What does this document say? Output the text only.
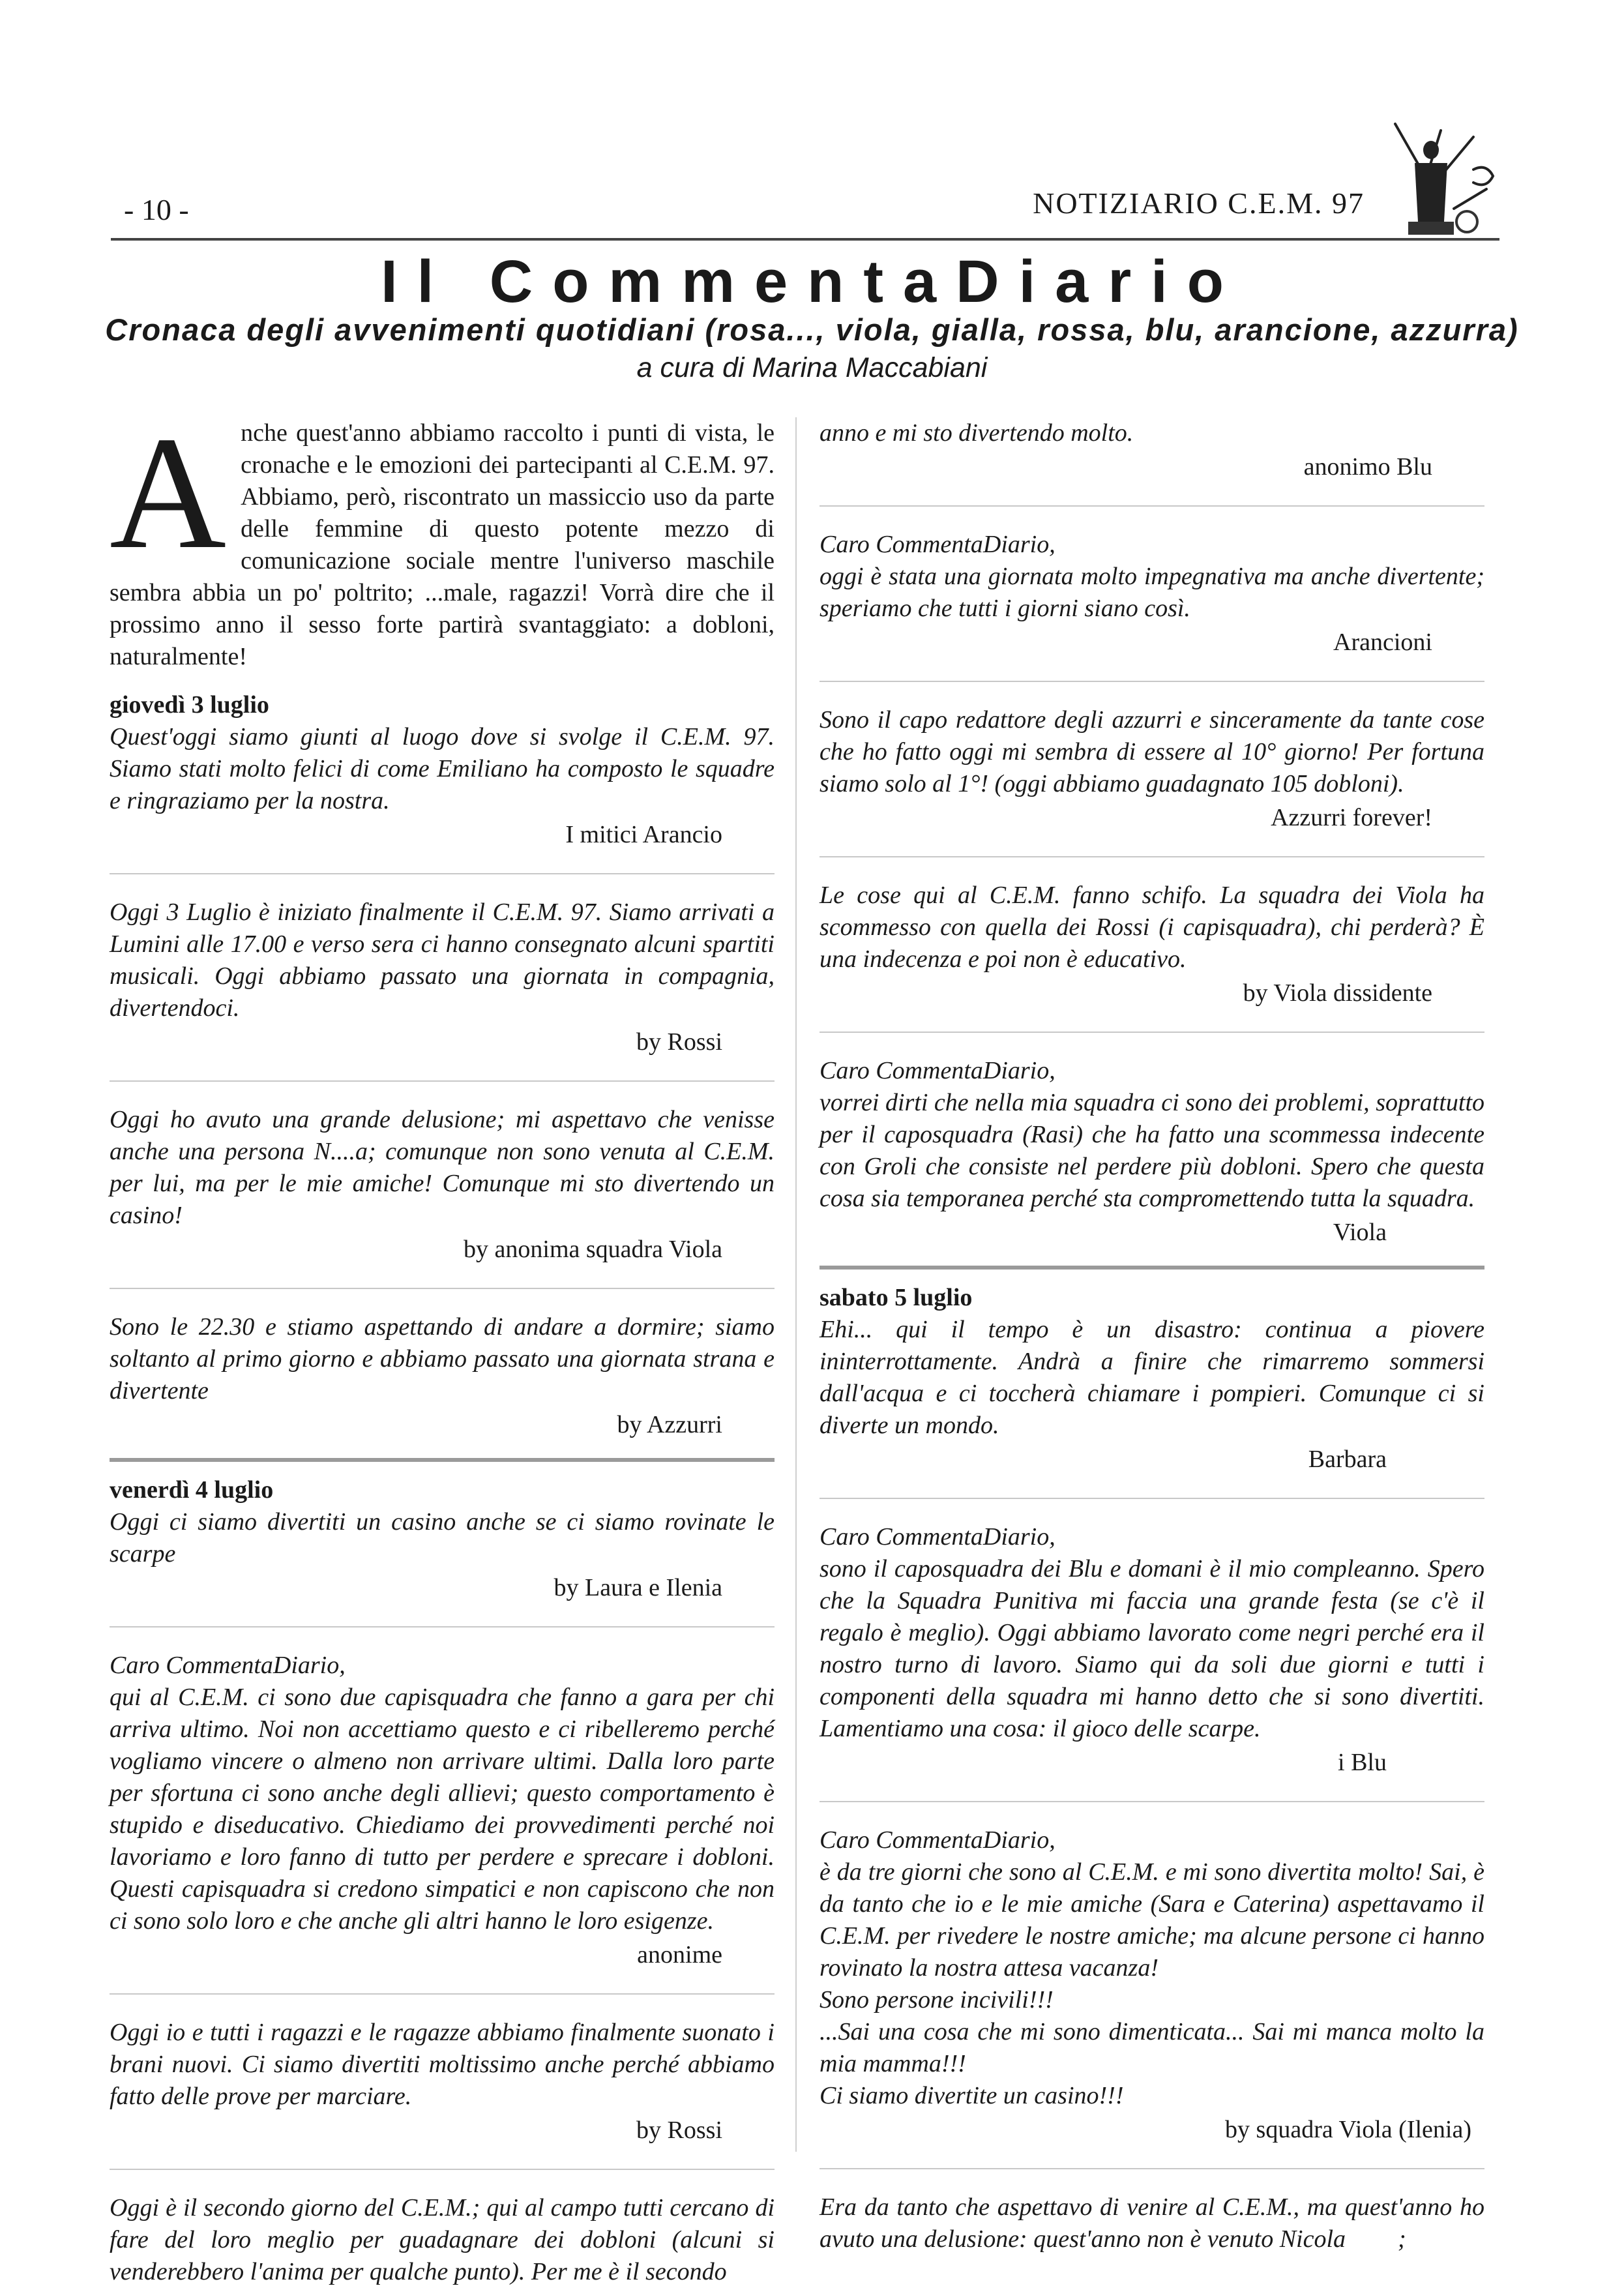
- 10 -	NOTIZIARIO C.E.M. 97
Il CommentaDiario
Cronaca degli avvenimenti quotidiani (rosa..., viola, gialla, rossa, blu, arancione, azzurra)
a cura di Marina Maccabiani

Anche quest'anno abbiamo raccolto i punti di vista, le cronache e le emozioni dei partecipanti al C.E.M. 97. Abbiamo, però, riscontrato un massiccio uso da parte delle femmine di questo potente mezzo di comunicazione sociale mentre l'universo maschile sembra abbia un po' poltrito; ...male, ragazzi! Vorrà dire che il prossimo anno il sesso forte partirà svantaggiato: a dobloni, naturalmente!

giovedì 3 luglio

Quest'oggi siamo giunti al luogo dove si svolge il C.E.M. 97. Siamo stati molto felici di come Emiliano ha composto le squadre e ringraziamo per la nostra.

I mitici Arancio

Oggi 3 Luglio è iniziato finalmente il C.E.M. 97. Siamo arrivati a Lumini alle 17.00 e verso sera ci hanno consegnato alcuni spartiti musicali. Oggi abbiamo passato una giornata in compagnia, divertendoci.

by Rossi

Oggi ho avuto una grande delusione; mi aspettavo che venisse anche una persona N....a; comunque non sono venuta al C.E.M. per lui, ma per le mie amiche! Comunque mi sto divertendo un casino!

by anonima squadra Viola

Sono le 22.30 e stiamo aspettando di andare a dormire; siamo soltanto al primo giorno e abbiamo passato una giornata strana e divertente

by Azzurri

venerdì 4 luglio

Oggi ci siamo divertiti un casino anche se ci siamo rovinate le scarpe

by Laura e Ilenia

Caro CommentaDiario,

qui al C.E.M. ci sono due capisquadra che fanno a gara per chi arriva ultimo. Noi non accettiamo questo e ci ribelleremo perché vogliamo vincere o almeno non arrivare ultimi. Dalla loro parte per sfortuna ci sono anche degli allievi; questo comportamento è stupido e diseducativo. Chiediamo dei provvedimenti perché noi lavoriamo e loro fanno di tutto per perdere e sprecare i dobloni. Questi capisquadra si credono simpatici e non capiscono che non ci sono solo loro e che anche gli altri hanno le loro esigenze.

anonime

Oggi io e tutti i ragazzi e le ragazze abbiamo finalmente suonato i brani nuovi. Ci siamo divertiti moltissimo anche perché abbiamo fatto delle prove per marciare.

by Rossi

Oggi è il secondo giorno del C.E.M.; qui al campo tutti cercano di fare del loro meglio per guadagnare dei dobloni (alcuni si venderebbero l'anima per qualche punto). Per me è il secondo

anno e mi sto divertendo molto.

anonimo Blu

Caro CommentaDiario,

oggi è stata una giornata molto impegnativa ma anche divertente; speriamo che tutti i giorni siano così.

Arancioni

Sono il capo redattore degli azzurri e sinceramente da tante cose che ho fatto oggi mi sembra di essere al 10° giorno! Per fortuna siamo solo al 1°! (oggi abbiamo guadagnato 105 dobloni).

Azzurri forever!

Le cose qui al C.E.M. fanno schifo. La squadra dei Viola ha scommesso con quella dei Rossi (i capisquadra), chi perderà? È una indecenza e poi non è educativo.

by Viola dissidente

Caro CommentaDiario,

vorrei dirti che nella mia squadra ci sono dei problemi, soprattutto per il caposquadra (Rasi) che ha fatto una scommessa indecente con Groli che consiste nel perdere più dobloni. Spero che questa cosa sia temporanea perché sta compromettendo tutta la squadra.

Viola

sabato 5 luglio

Ehi... qui il tempo è un disastro: continua a piovere ininterrottamente. Andrà a finire che rimarremo sommersi dall'acqua e ci toccherà chiamare i pompieri. Comunque ci si diverte un mondo.

Barbara

Caro CommentaDiario,

sono il caposquadra dei Blu e domani è il mio compleanno. Spero che la Squadra Punitiva mi faccia una grande festa (se c'è il regalo è meglio). Oggi abbiamo lavorato come negri perché era il nostro turno di lavoro. Siamo qui da soli due giorni e tutti i componenti della squadra mi hanno detto che si sono divertiti. Lamentiamo una cosa: il gioco delle scarpe.

i Blu

Caro CommentaDiario,

è da tre giorni che sono al C.E.M. e mi sono divertita molto! Sai, è da tanto che io e le mie amiche (Sara e Caterina) aspettavamo il C.E.M. per rivedere le nostre amiche; ma alcune persone ci hanno rovinato la nostra attesa vacanza!

Sono persone incivili!!!

...Sai una cosa che mi sono dimenticata... Sai mi manca molto la mia mamma!!!

Ci siamo divertite un casino!!!

by squadra Viola (Ilenia)

Era da tanto che aspettavo di venire al C.E.M., ma quest'anno ho avuto una delusione: quest'anno non è venuto Nicola ;
